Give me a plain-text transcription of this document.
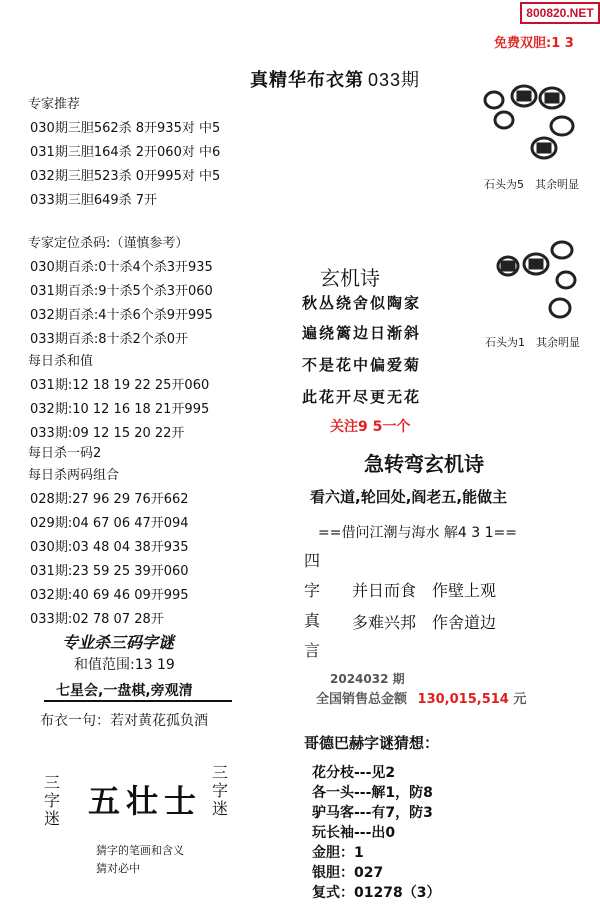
800820.NET
免费双胆:1 3
真精华布衣第 033期
专家推荐
030期三胆562杀 8开935对 中5
031期三胆164杀 2开060对 中6
032期三胆523杀 0开995对 中5
033期三胆649杀 7开
石头为5　其余明显
石头为1　其余明显
专家定位杀码:（谨慎参考）
030期百杀:0十杀4个杀3开935
031期百杀:9十杀5个杀3开060
032期百杀:4十杀6个杀9开995
033期百杀:8十杀2个杀0开
每日杀和值
031期:12 18 19 22 25开060
032期:10 12 16 18 21开995
033期:09 12 15 20 22开
每日杀一码2
每日杀两码组合
028期:27 96 29 76开662
029期:04 67 06 47开094
030期:03 48 04 38开935
031期:23 59 25 39开060
032期:40 69 46 09开995
033期:02 78 07 28开
专业杀三码字谜
和值范围:13 19
七星会,一盘棋,旁观清
布衣一句：若对黄花孤负酒
三
字
迷 五壮士
三
字
迷
猜字的笔画和含义
猜对必中
玄机诗
秋丛绕舍似陶家
遍绕篱边日渐斜
不是花中偏爱菊
此花开尽更无花
关注9 5一个
急转弯玄机诗
看六道,轮回处,阎老五,能做主
==借问江潮与海水 解4 3 1==
四
字
真
言
并日而食　作壁上观
多难兴邦　作舍道边
2024032 期
全国销售总金额 130,015,514 元
哥德巴赫字谜猜想：
花分枝---见2
各一头---解1，防8
驴马客---有7，防3
玩长袖---出0
金胆：1
银胆：027
复式：01278（3）
